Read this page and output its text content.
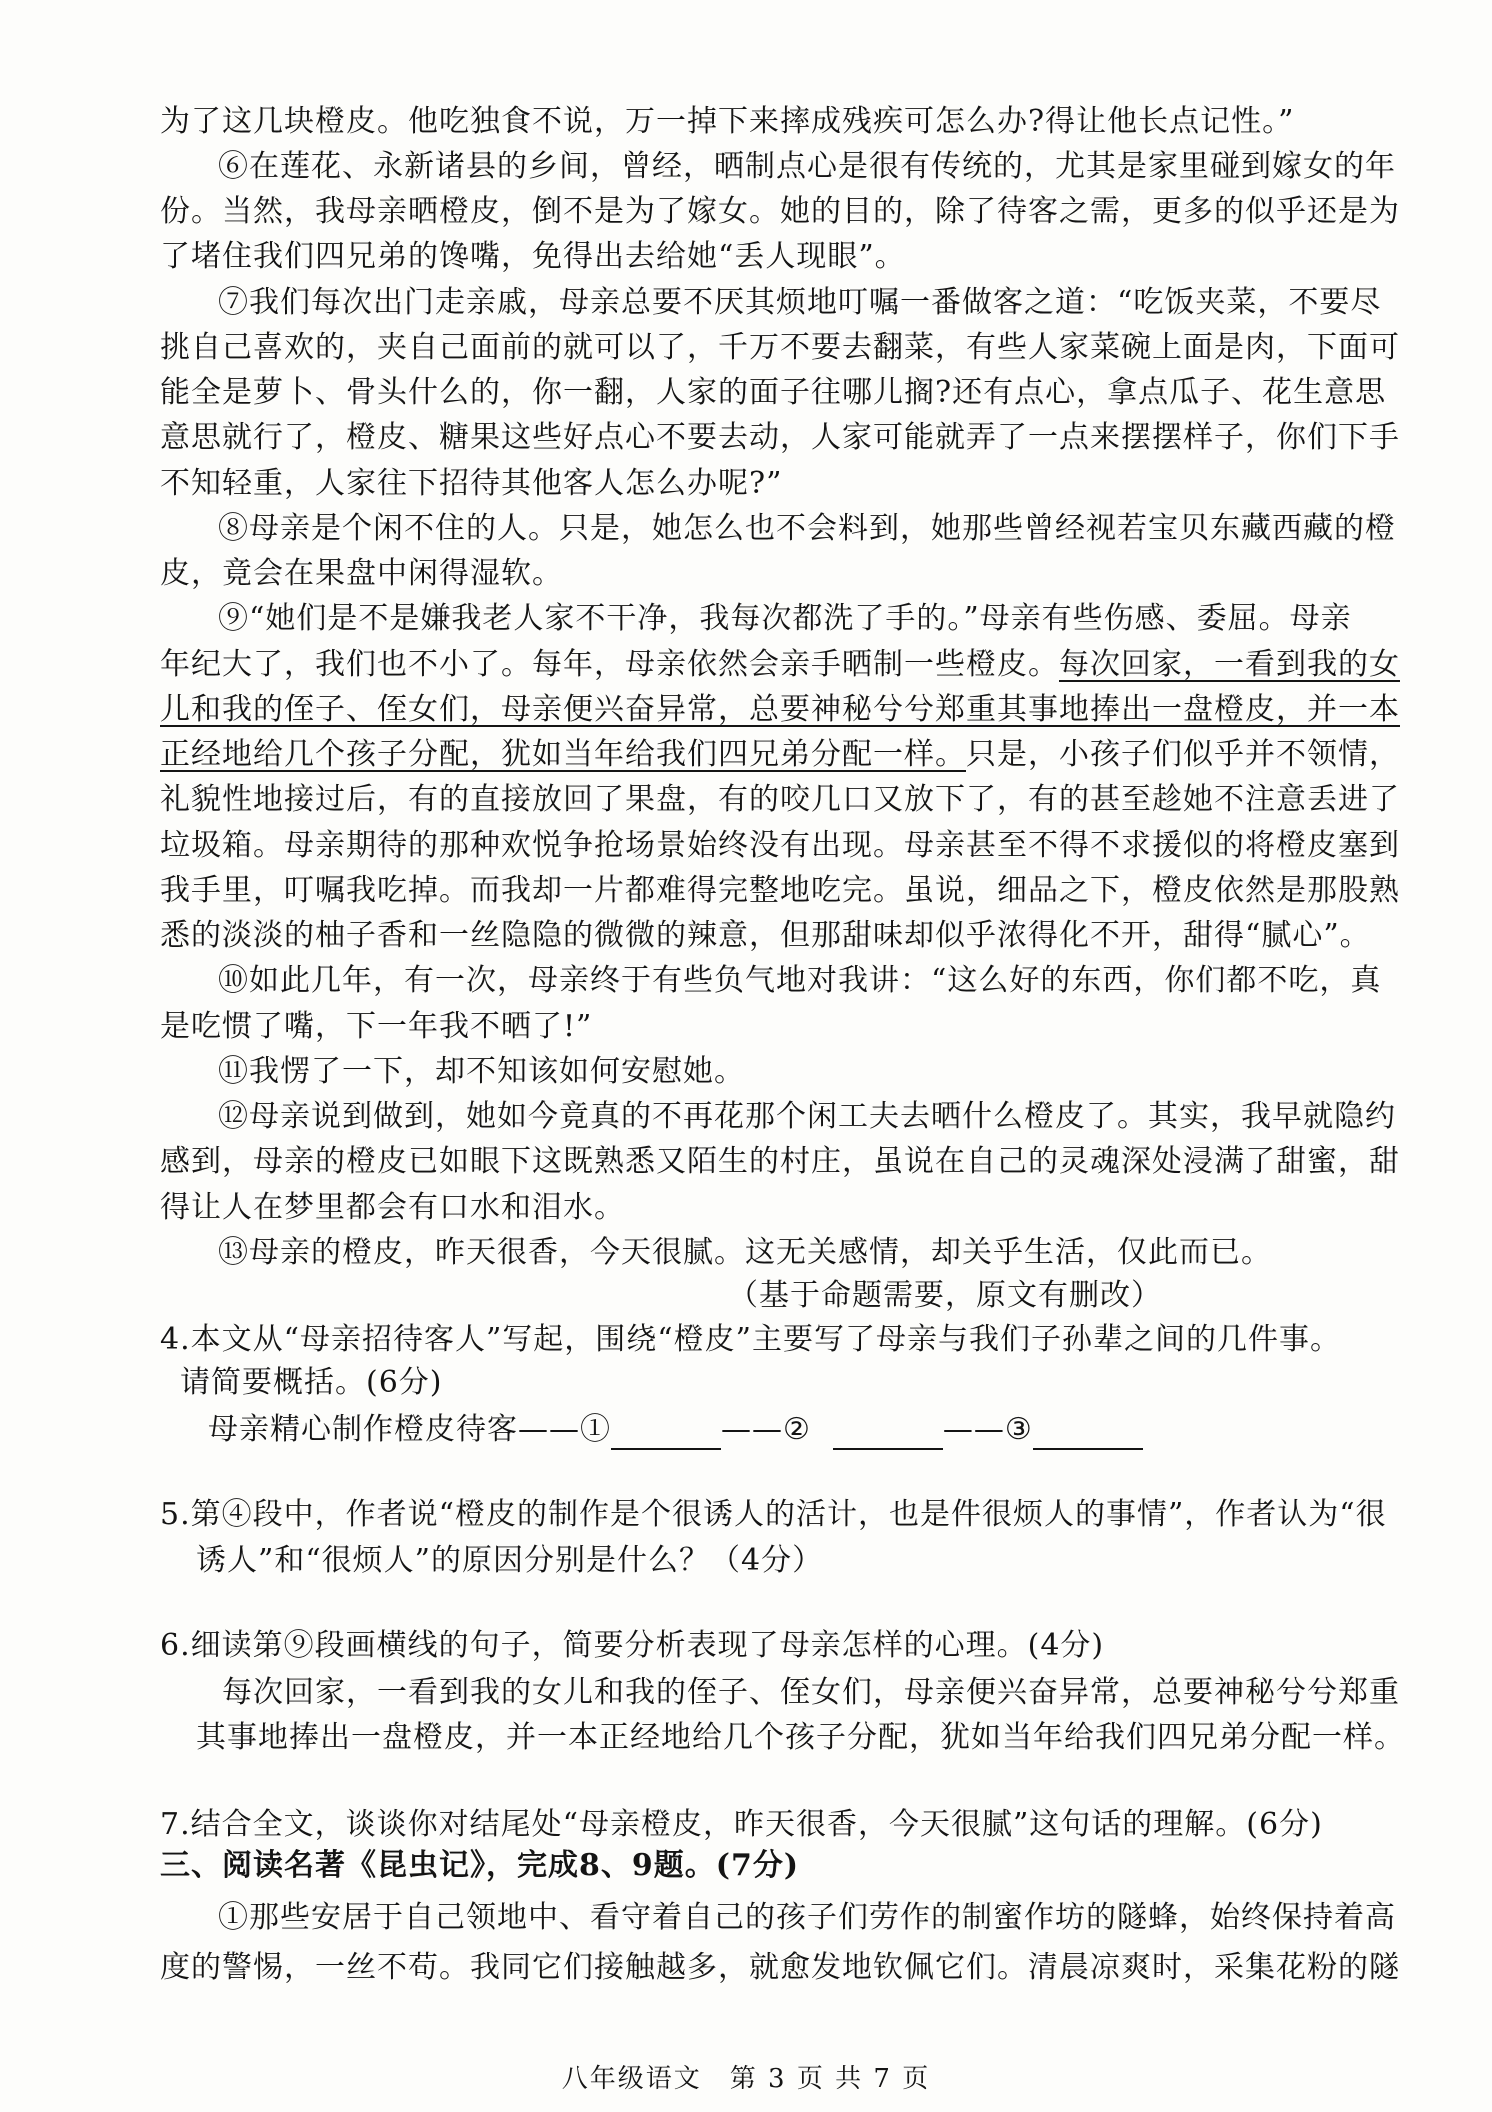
为了这几块橙皮。他吃独食不说，万一掉下来摔成残疾可怎么办?得让他长点记性。”
⑥在莲花、永新诸县的乡间，曾经，晒制点心是很有传统的，尤其是家里碰到嫁女的年
份。当然，我母亲晒橙皮，倒不是为了嫁女。她的目的，除了待客之需，更多的似乎还是为
了堵住我们四兄弟的馋嘴，免得出去给她“丢人现眼”。
⑦我们每次出门走亲戚，母亲总要不厌其烦地叮嘱一番做客之道：“吃饭夹菜，不要尽
挑自己喜欢的，夹自己面前的就可以了，千万不要去翻菜，有些人家菜碗上面是肉，下面可
能全是萝卜、骨头什么的，你一翻，人家的面子往哪儿搁?还有点心，拿点瓜子、花生意思
意思就行了，橙皮、糖果这些好点心不要去动，人家可能就弄了一点来摆摆样子，你们下手
不知轻重，人家往下招待其他客人怎么办呢?”
⑧母亲是个闲不住的人。只是，她怎么也不会料到，她那些曾经视若宝贝东藏西藏的橙
皮，竟会在果盘中闲得湿软。
⑨“她们是不是嫌我老人家不干净，我每次都洗了手的。”母亲有些伤感、委屈。母亲
年纪大了，我们也不小了。每年，母亲依然会亲手晒制一些橙皮。每次回家，一看到我的女
儿和我的侄子、侄女们，母亲便兴奋异常，总要神秘兮兮郑重其事地捧出一盘橙皮，并一本
正经地给几个孩子分配，犹如当年给我们四兄弟分配一样。只是，小孩子们似乎并不领情，
礼貌性地接过后，有的直接放回了果盘，有的咬几口又放下了，有的甚至趁她不注意丢进了
垃圾箱。母亲期待的那种欢悦争抢场景始终没有出现。母亲甚至不得不求援似的将橙皮塞到
我手里，叮嘱我吃掉。而我却一片都难得完整地吃完。虽说，细品之下，橙皮依然是那股熟
悉的淡淡的柚子香和一丝隐隐的微微的辣意，但那甜味却似乎浓得化不开，甜得“腻心”。
⑩如此几年，有一次，母亲终于有些负气地对我讲：“这么好的东西，你们都不吃，真
是吃惯了嘴，下一年我不晒了!”
⑪我愣了一下，却不知该如何安慰她。
⑫母亲说到做到，她如今竟真的不再花那个闲工夫去晒什么橙皮了。其实，我早就隐约
感到，母亲的橙皮已如眼下这既熟悉又陌生的村庄，虽说在自己的灵魂深处浸满了甜蜜，甜
得让人在梦里都会有口水和泪水。
⑬母亲的橙皮，昨天很香，今天很腻。这无关感情，却关乎生活，仅此而已。
（基于命题需要，原文有删改）
4.本文从“母亲招待客人”写起，围绕“橙皮”主要写了母亲与我们子孙辈之间的几件事。
请简要概括。(6分)
母亲精心制作橙皮待客——①	——②	——③
5.第④段中，作者说“橙皮的制作是个很诱人的活计，也是件很烦人的事情”，作者认为“很
诱人”和“很烦人”的原因分别是什么？（4分）
6.细读第⑨段画横线的句子，简要分析表现了母亲怎样的心理。(4分)
每次回家，一看到我的女儿和我的侄子、侄女们，母亲便兴奋异常，总要神秘兮兮郑重
其事地捧出一盘橙皮，并一本正经地给几个孩子分配，犹如当年给我们四兄弟分配一样。
7.结合全文，谈谈你对结尾处“母亲橙皮，昨天很香，今天很腻”这句话的理解。(6分)
八年级语文　第 3 页 共 7 页
三、阅读名著《昆虫记》，完成8、9题。(7分)
①那些安居于自己领地中、看守着自己的孩子们劳作的制蜜作坊的隧蜂，始终保持着高
度的警惕，一丝不苟。我同它们接触越多，就愈发地钦佩它们。清晨凉爽时，采集花粉的隧
